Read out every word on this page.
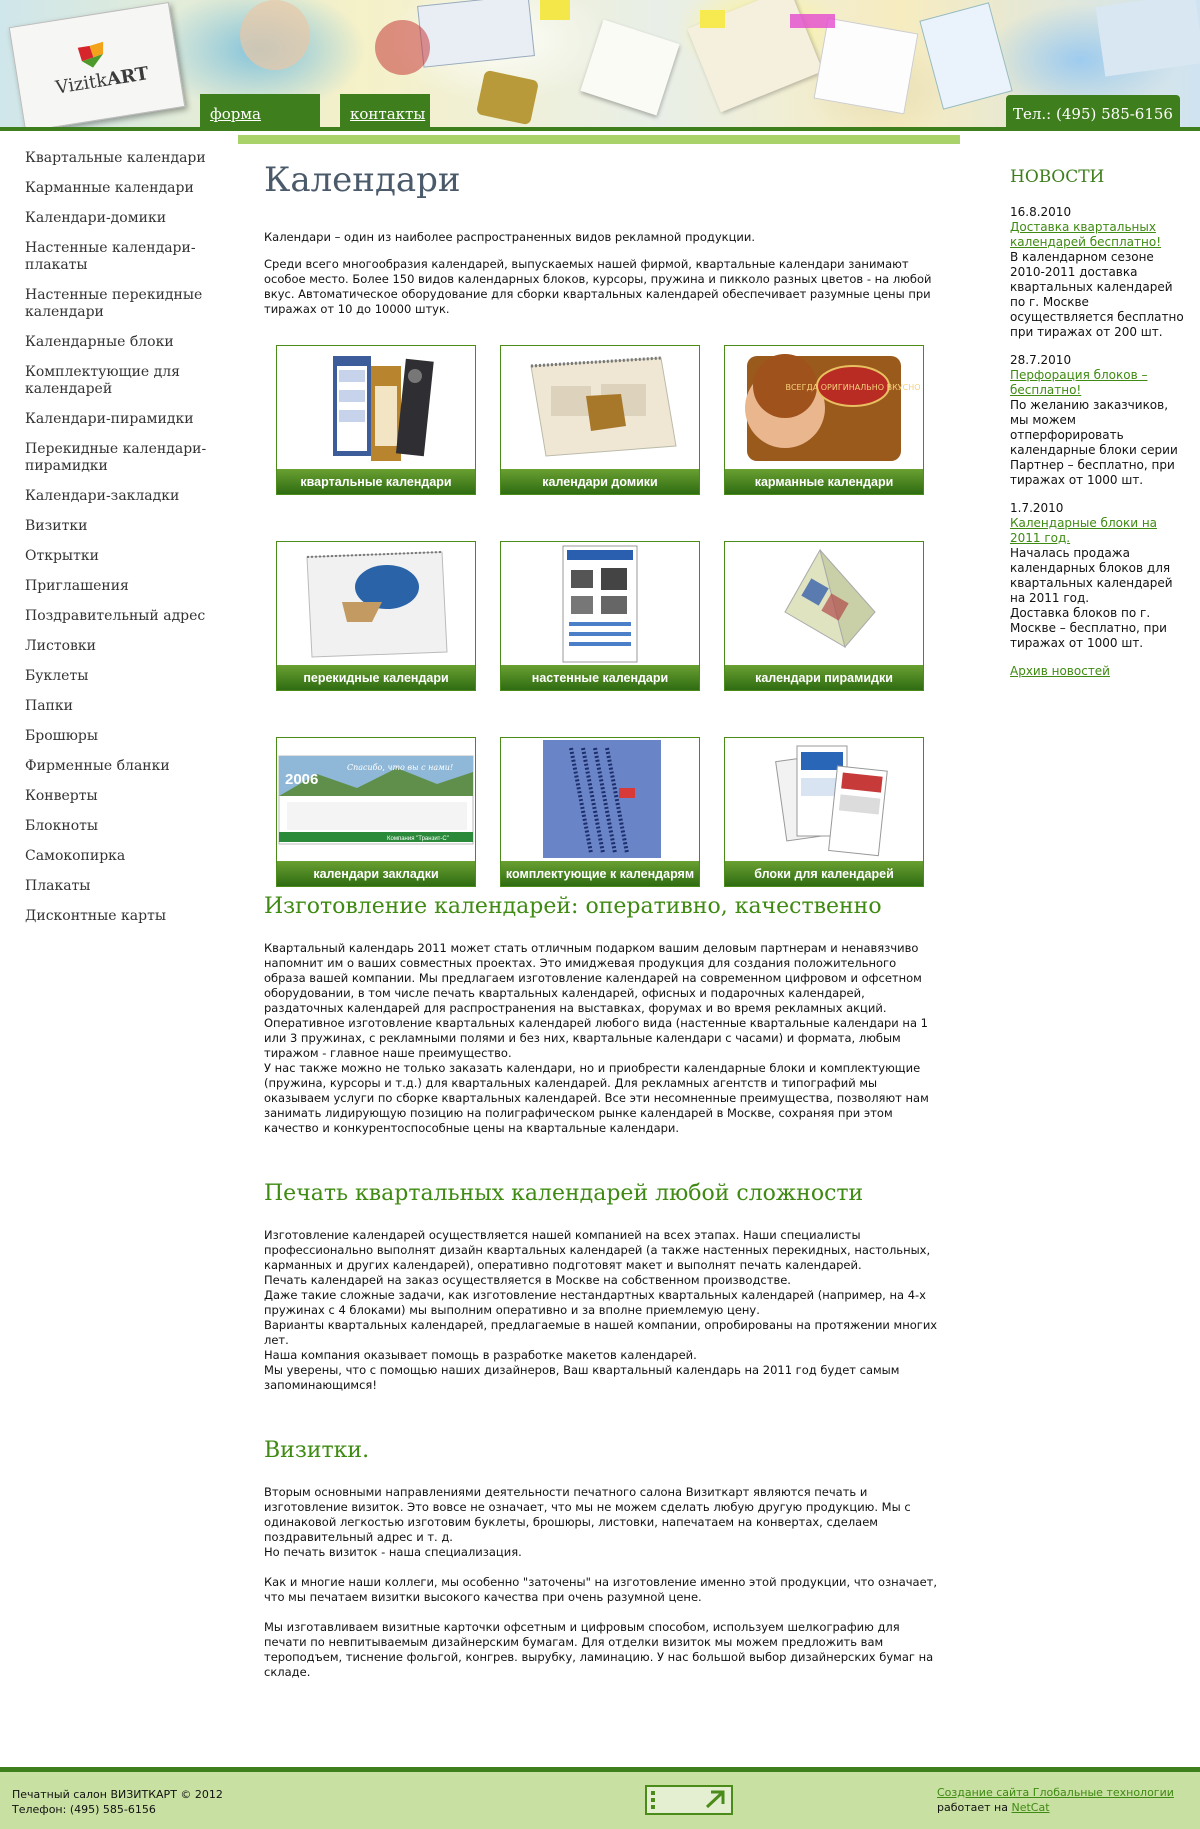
VizitkART
форма	контакты	Тел.: (495) 585-6156
Квартальные календари
Карманные календари
Календари-домики
Настенные календари-плакаты
Настенные перекидные календари
Календарные блоки
Комплектующие для календарей
Календари-пирамидки
Перекидные календари-пирамидки
Календари-закладки
Визитки
Открытки
Приглашения
Поздравительный адрес
Листовки
Буклеты
Папки
Брошюры
Фирменные бланки
Конверты
Блокноты
Самокопирка
Плакаты
Дисконтные карты
Календари

Календари – один из наиболее распространенных видов рекламной продукции.

Среди всего многообразия календарей, выпускаемых нашей фирмой, квартальные календари занимают особое место. Более 150 видов календарных блоков, курсоры, пружина и пикколо разных цветов - на любой вкус. Автоматическое оборудование для сборки квартальных календарей обеспечивает разумные цены при тиражах от 10 до 10000 штук.

квартальные календари	календари домики
ВСЕГДА ОРИГИНАЛЬНО ВКУСНО
карманные календари
перекидные календари	настенные календари	календари пирамидки
2006
Спасибо, что вы с нами!
Компания "Транзит-С"
календари закладки	комплектующие к календарям	блоки для календарей
Изготовление календарей: оперативно, качественно

Квартальный календарь 2011 может стать отличным подарком вашим деловым партнерам и ненавязчиво напомнит им о ваших совместных проектах. Это имиджевая продукция для создания положительного образа вашей компании. Мы предлагаем изготовление календарей на современном цифровом и офсетном оборудовании, в том числе печать квартальных календарей, офисных и подарочных календарей, раздаточных календарей для распространения на выставках, форумах и во время рекламных акций.
Оперативное изготовление квартальных календарей любого вида (настенные квартальные календари на 1 или 3 пружинах, с рекламными полями и без них, квартальные календари с часами) и формата, любым тиражом - главное наше преимущество.
У нас также можно не только заказать календари, но и приобрести календарные блоки и комплектующие (пружина, курсоры и т.д.) для квартальных календарей. Для рекламных агентств и типографий мы оказываем услуги по сборке квартальных календарей. Все эти несомненные преимущества, позволяют нам занимать лидирующую позицию на полиграфическом рынке календарей в Москве, сохраняя при этом качество и конкурентоспособные цены на квартальные календари.

Печать квартальных календарей любой сложности

Изготовление календарей осуществляется нашей компанией на всех этапах. Наши специалисты профессионально выполнят дизайн квартальных календарей (а также настенных перекидных, настольных, карманных и других календарей), оперативно подготовят макет и выполнят печать календарей.
Печать календарей на заказ осуществляется в Москве на собственном производстве.
Даже такие сложные задачи, как изготовление нестандартных квартальных календарей (например, на 4-х пружинах с 4 блоками) мы выполним оперативно и за вполне приемлемую цену.
Варианты квартальных календарей, предлагаемые в нашей компании, опробированы на протяжении многих лет.
Наша компания оказывает помощь в разработке макетов календарей.
Мы уверены, что с помощью наших дизайнеров, Ваш квартальный календарь на 2011 год будет самым запоминающимся!

Визитки.

Вторым основными направлениями деятельности печатного салона Визиткарт являются печать и изготовление визиток. Это вовсе не означает, что мы не можем сделать любую другую продукцию. Мы с одинаковой легкостью изготовим буклеты, брошюры, листовки, напечатаем на конвертах, сделаем поздравительный адрес и т. д.
Но печать визиток - наша специализация.

Как и многие наши коллеги, мы особенно "заточены" на изготовление именно этой продукции, что означает, что мы печатаем визитки высокого качества при очень разумной цене.

Мы изготавливаем визитные карточки офсетным и цифровым способом, используем шелкографию для печати по невпитываемым дизайнерским бумагам. Для отделки визиток мы можем предложить вам тероподъем, тиснение фольгой, конгрев. вырубку, ламинацию. У нас большой выбор дизайнерских бумаг на складе.

НОВОСТИ
16.8.2010
Доставка квартальных календарей бесплатно!
В календарном сезоне 2010-2011 доставка квартальных календарей по г. Москве осуществляется бесплатно при тиражах от 200 шт.
28.7.2010
Перфорация блоков – бесплатно!
По желанию заказчиков, мы можем отперфорировать календарные блоки серии Партнер – бесплатно, при тиражах от 1000 шт.
1.7.2010
Календарные блоки на 2011 год.
Началась продажа календарных блоков для квартальных календарей на 2011 год.
Доставка блоков по г. Москве – бесплатно, при тиражах от 1000 шт.
Архив новостей
Печатный салон ВИЗИТКАРТ © 2012
Телефон: (495) 585-6156
Создание сайта Глобальные технологии
работает на NetCat
